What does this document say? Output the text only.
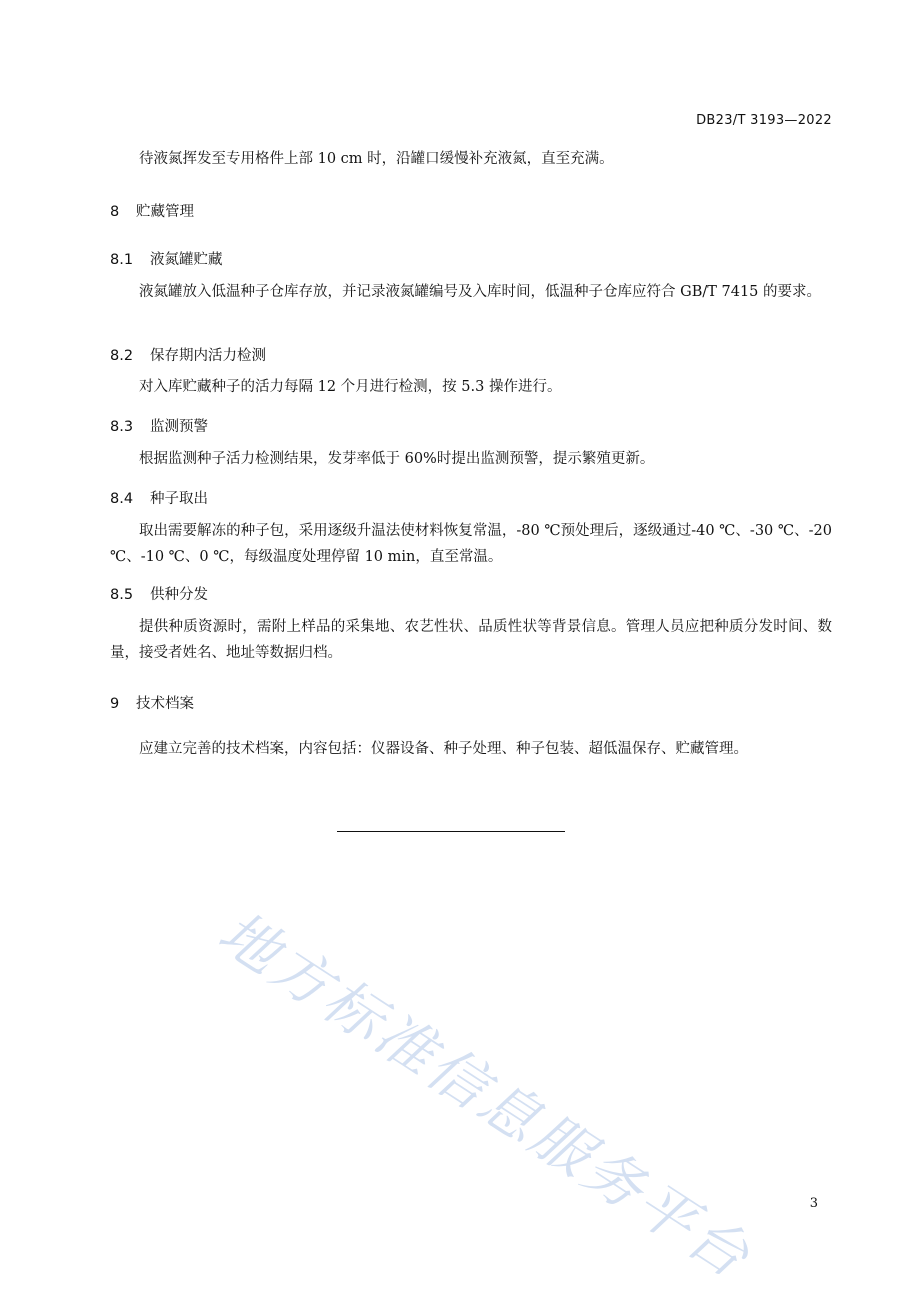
DB23/T 3193—2022

待液氮挥发至专用格件上部 10 cm 时，沿罐口缓慢补充液氮，直至充满。

8 贮藏管理
8.1 液氮罐贮藏

液氮罐放入低温种子仓库存放，并记录液氮罐编号及入库时间，低温种子仓库应符合 GB/T 7415 的要求。

8.2 保存期内活力检测

对入库贮藏种子的活力每隔 12 个月进行检测，按 5.3 操作进行。

8.3 监测预警

根据监测种子活力检测结果，发芽率低于 60%时提出监测预警，提示繁殖更新。

8.4 种子取出

取出需要解冻的种子包，采用逐级升温法使材料恢复常温，-80 ℃预处理后，逐级通过-40 ℃、-30 ℃、-20 ℃、-10 ℃、0 ℃，每级温度处理停留 10 min，直至常温。

8.5 供种分发

提供种质资源时，需附上样品的采集地、农艺性状、品质性状等背景信息。管理人员应把种质分发时间、数量，接受者姓名、地址等数据归档。

9 技术档案

应建立完善的技术档案，内容包括：仪器设备、种子处理、种子包装、超低温保存、贮藏管理。

地方标准信息服务平台	3
